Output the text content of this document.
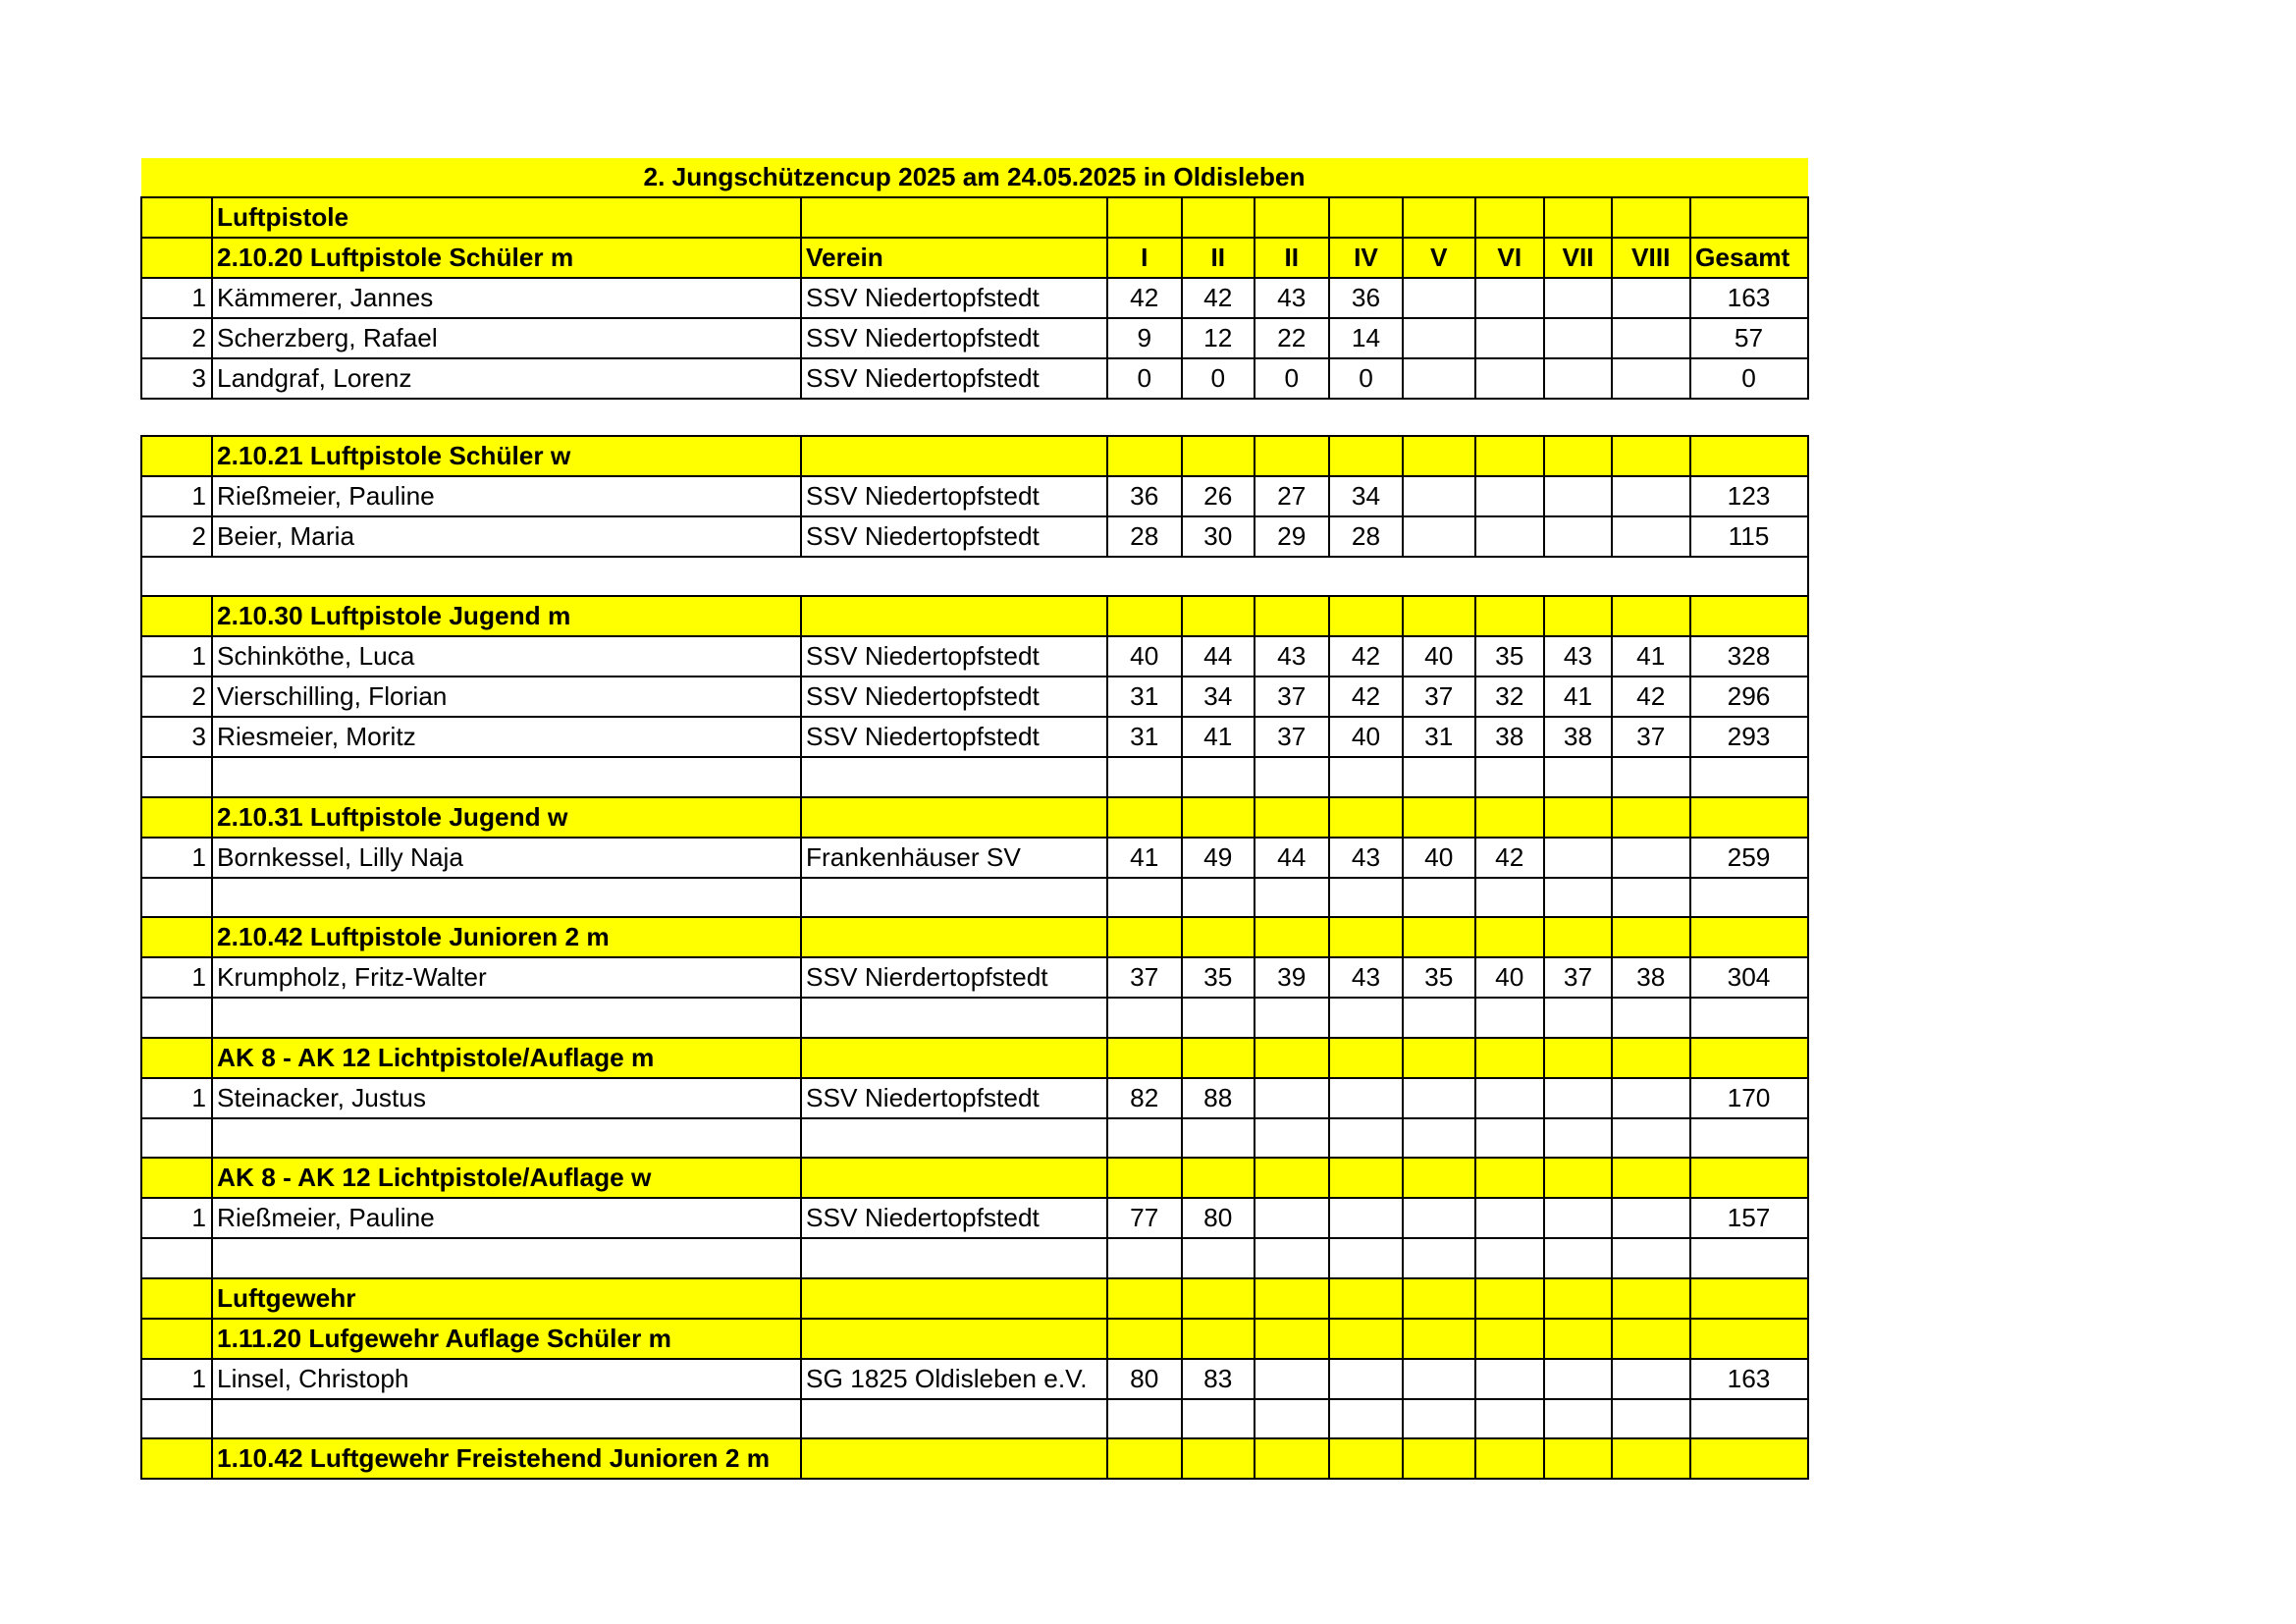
2. Jungschützencup 2025 am 24.05.2025 in Oldisleben											
	Luftpistole										
	2.10.20 Luftpistole Schüler m	Verein	I	II	II	IV	V	VI	VII	VIII	Gesamt
1	Kämmerer, Jannes	SSV Niedertopfstedt	42	42	43	36					163
2	Scherzberg, Rafael	SSV Niedertopfstedt	9	12	22	14					57
3	Landgraf, Lorenz	SSV Niedertopfstedt	0	0	0	0					0
	2.10.21 Luftpistole Schüler w										
1	Rießmeier, Pauline	SSV Niedertopfstedt	36	26	27	34					123
2	Beier, Maria	SSV Niedertopfstedt	28	30	29	28					115

	2.10.30 Luftpistole Jugend m										
1	Schinköthe, Luca	SSV Niedertopfstedt	40	44	43	42	40	35	43	41	328
2	Vierschilling, Florian	SSV Niedertopfstedt	31	34	37	42	37	32	41	42	296
3	Riesmeier, Moritz	SSV Niedertopfstedt	31	41	37	40	31	38	38	37	293

	2.10.31 Luftpistole Jugend w										
1	Bornkessel, Lilly Naja	Frankenhäuser SV	41	49	44	43	40	42			259

	2.10.42 Luftpistole Junioren 2 m										
1	Krumpholz, Fritz-Walter	SSV Nierdertopfstedt	37	35	39	43	35	40	37	38	304

	AK 8 - AK 12 Lichtpistole/Auflage m										
1	Steinacker, Justus	SSV Niedertopfstedt	82	88							170

	AK 8 - AK 12 Lichtpistole/Auflage w										
1	Rießmeier, Pauline	SSV Niedertopfstedt	77	80							157

	Luftgewehr										
	1.11.20 Lufgewehr Auflage Schüler m										
1	Linsel, Christoph	SG 1825 Oldisleben e.V.	80	83							163

	1.10.42 Luftgewehr Freistehend Junioren 2 m										
